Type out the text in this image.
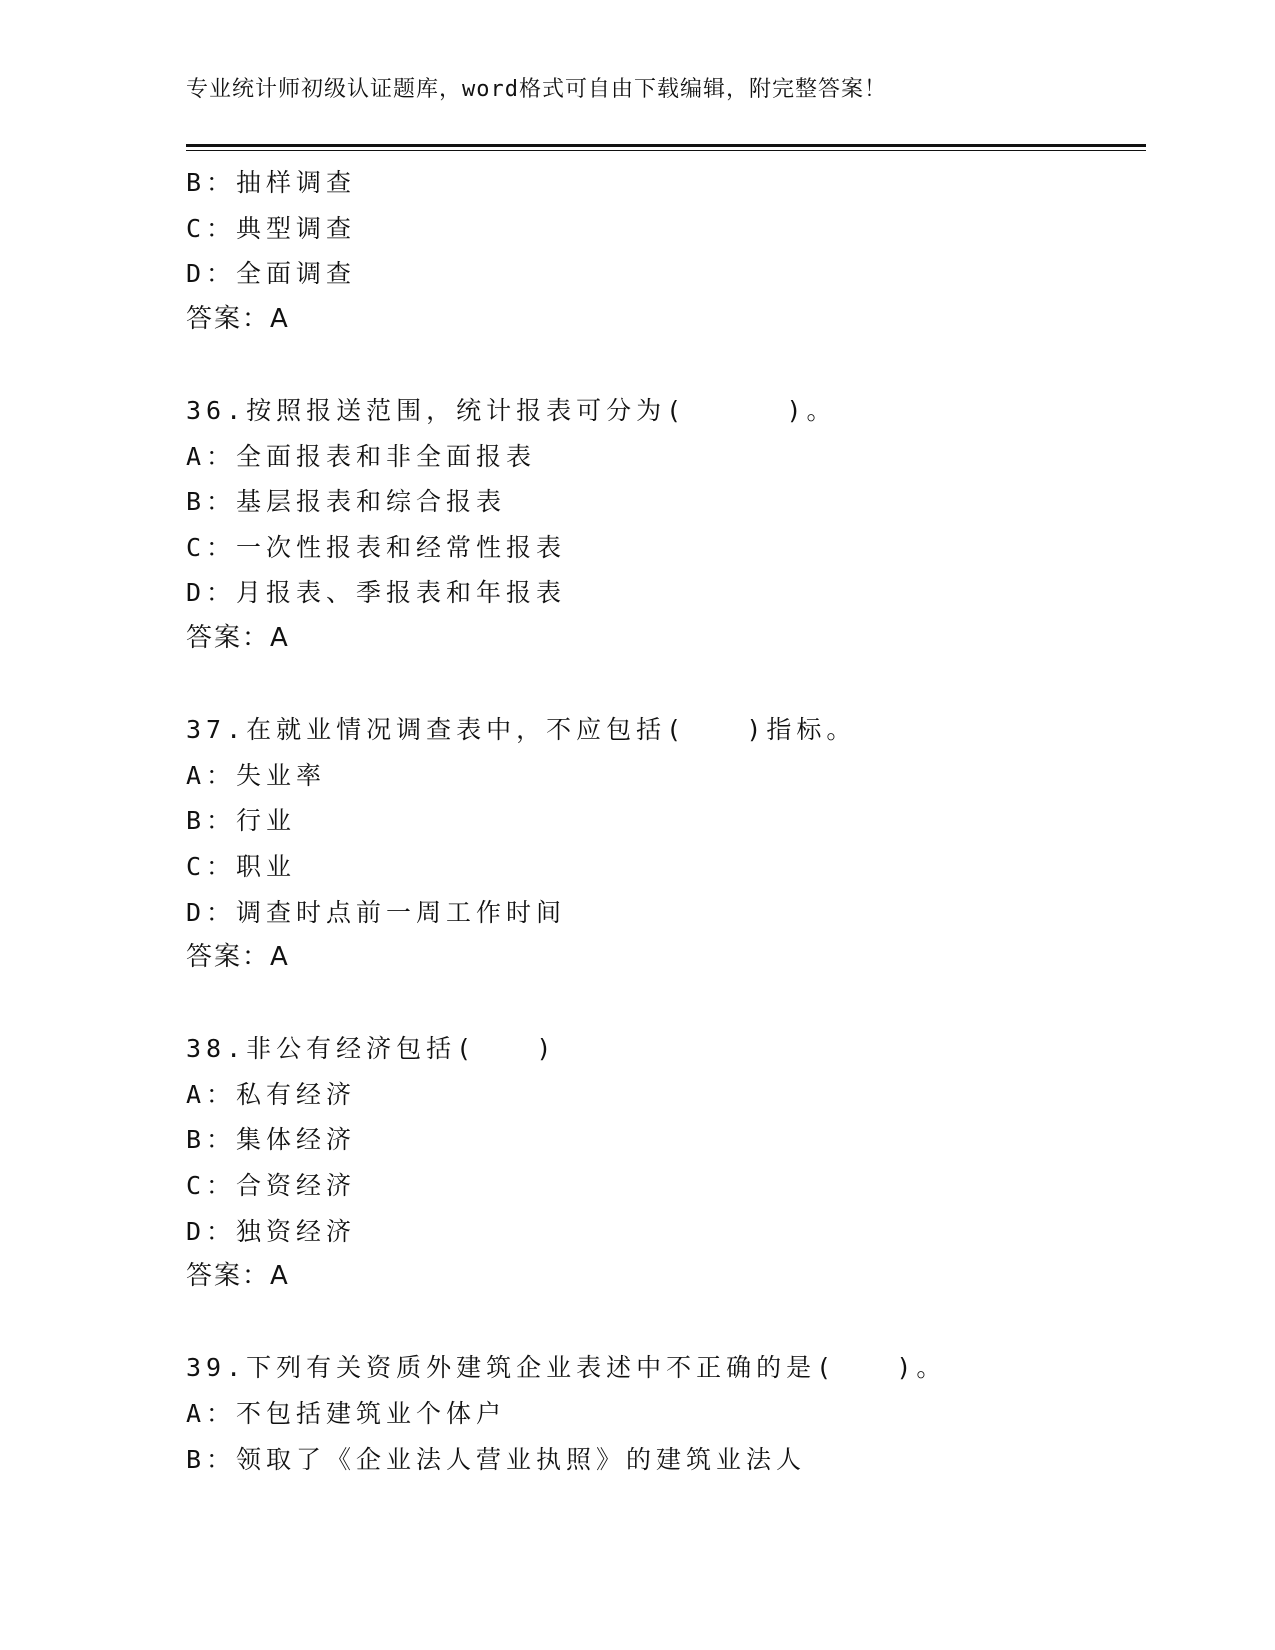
专业统计师初级认证题库，word格式可自由下载编辑，附完整答案！
B：抽样调查
C：典型调查
D：全面调查
答案：A
36.按照报送范围，统计报表可分为(     )。
A：全面报表和非全面报表
B：基层报表和综合报表
C：一次性报表和经常性报表
D：月报表、季报表和年报表
答案：A
37.在就业情况调查表中，不应包括(   )指标。
A：失业率
B：行业
C：职业
D：调查时点前一周工作时间
答案：A
38.非公有经济包括(   )
A：私有经济
B：集体经济
C：合资经济
D：独资经济
答案：A
39.下列有关资质外建筑企业表述中不正确的是(   )。
A：不包括建筑业个体户
B：领取了《企业法人营业执照》的建筑业法人
